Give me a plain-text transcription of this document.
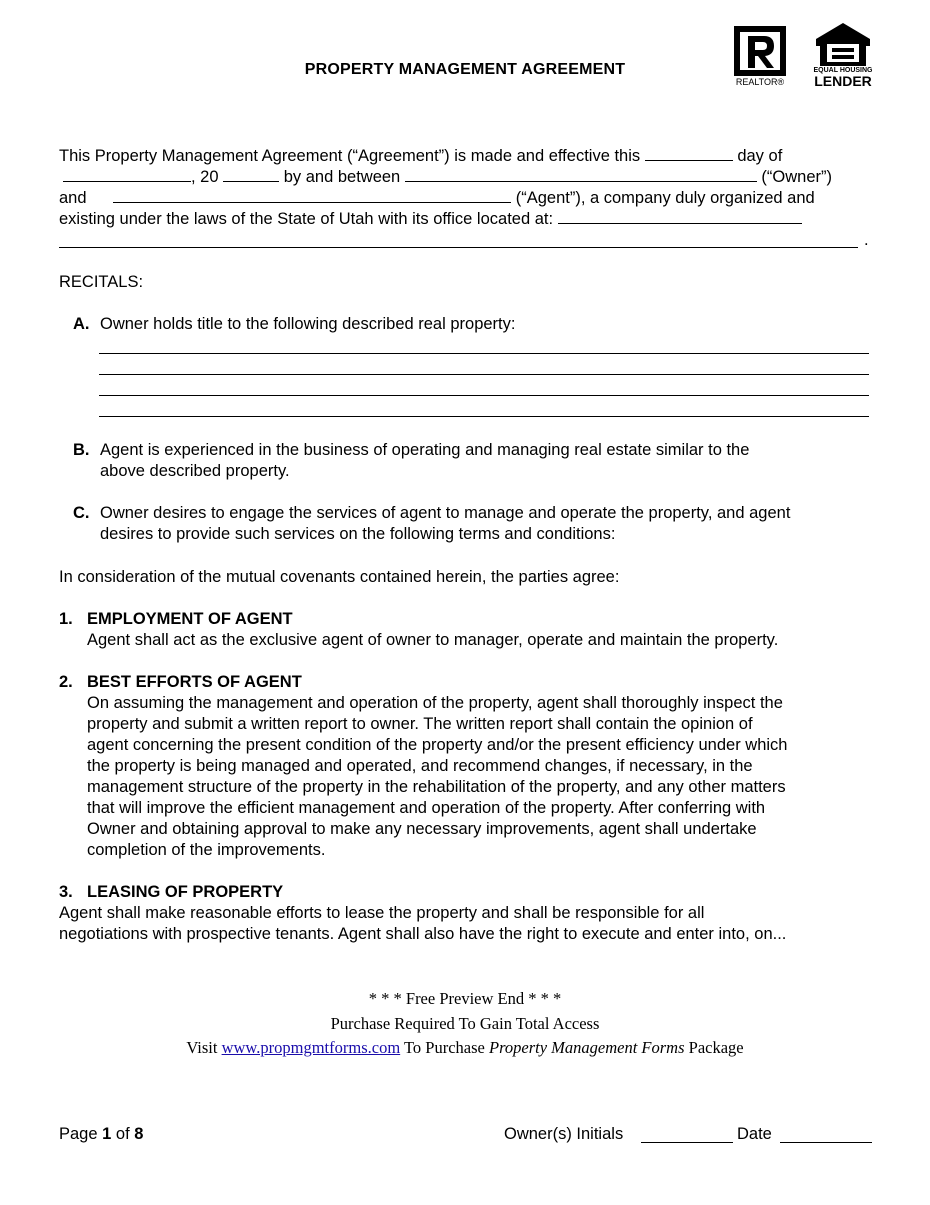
PROPERTY MANAGEMENT AGREEMENT
REALTOR®
EQUAL HOUSING
LENDER
This Property Management Agreement (“Agreement”) is made and effective this	day of
, 20	by and between	(“Owner”)
and	(“Agent”), a company duly organized and
existing under the laws of the State of Utah with its office located at:
.
RECITALS:
A. Owner holds title to the following described real property:
B. Agent is experienced in the business of operating and managing real estate similar to the
above described property.
C. Owner desires to engage the services of agent to manage and operate the property, and agent
desires to provide such services on the following terms and conditions:
In consideration of the mutual covenants contained herein, the parties agree:
1. EMPLOYMENT OF AGENT
Agent shall act as the exclusive agent of owner to manager, operate and maintain the property.
2. BEST EFFORTS OF AGENT
On assuming the management and operation of the property, agent shall thoroughly inspect the
property and submit a written report to owner. The written report shall contain the opinion of
agent concerning the present condition of the property and/or the present efficiency under which
the property is being managed and operated, and recommend changes, if necessary, in the
management structure of the property in the rehabilitation of the property, and any other matters
that will improve the efficient management and operation of the property. After conferring with
Owner and obtaining approval to make any necessary improvements, agent shall undertake
completion of the improvements.
3. LEASING OF PROPERTY
Agent shall make reasonable efforts to lease the property and shall be responsible for all
negotiations with prospective tenants. Agent shall also have the right to execute and enter into, on...
* * * Free Preview End * * *
Purchase Required To Gain Total Access
Visit www.propmgmtforms.com To Purchase Property Management Forms Package
Page 1 of 8	Owner(s) Initials	Date
